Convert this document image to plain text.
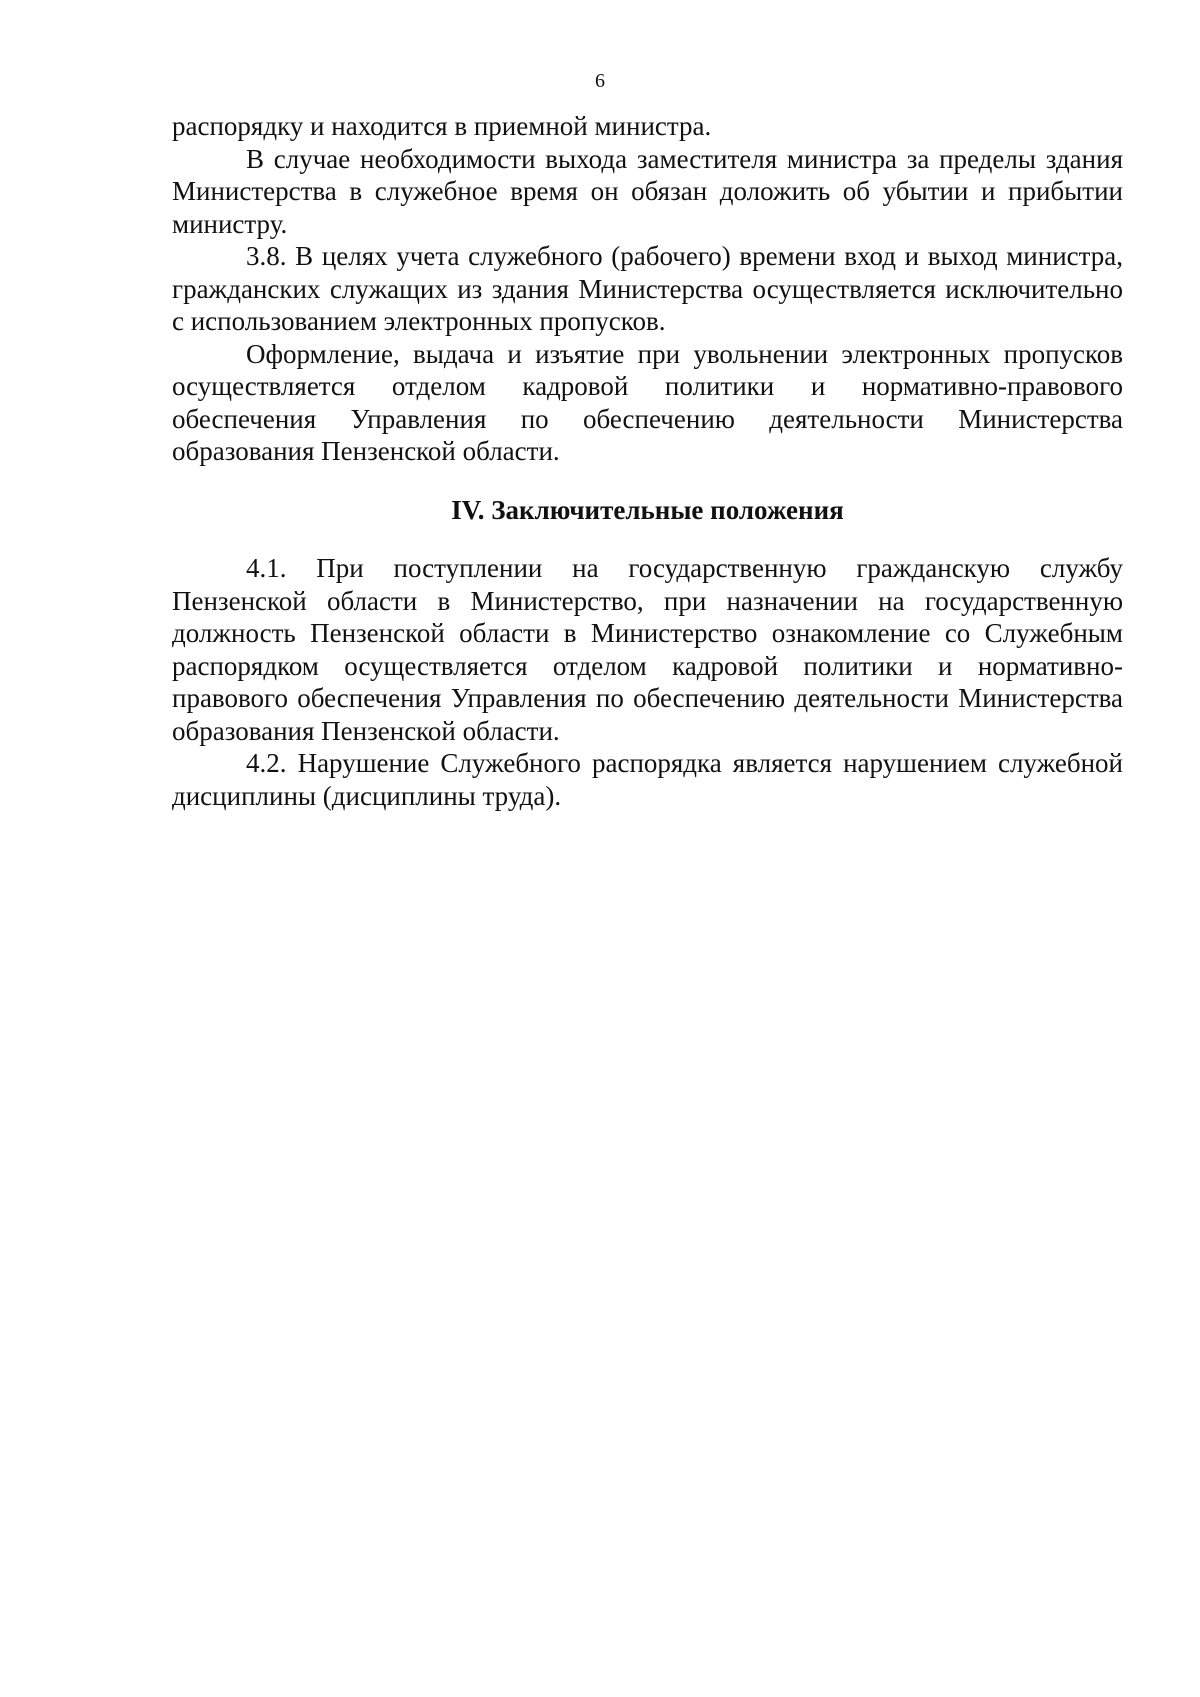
6

распорядку и находится в приемной министра.

В случае необходимости выхода заместителя министра за пределы здания Министерства в служебное время он обязан доложить об убытии и прибытии министру.

3.8. В целях учета служебного (рабочего) времени вход и выход министра, гражданских служащих из здания Министерства осуществляется исключительно с использованием электронных пропусков.

Оформление, выдача и изъятие при увольнении электронных пропусков осуществляется отделом кадровой политики и нормативно-правового обеспечения Управления по обеспечению деятельности Министерства образования Пензенской области.

IV. Заключительные положения

4.1. При поступлении на государственную гражданскую службу Пензенской области в Министерство, при назначении на государственную должность Пензенской области в Министерство ознакомление со Служебным распорядком осуществляется отделом кадровой политики и нормативно-правового обеспечения Управления по обеспечению деятельности Министерства образования Пензенской области.

4.2. Нарушение Служебного распорядка является нарушением служебной дисциплины (дисциплины труда).
